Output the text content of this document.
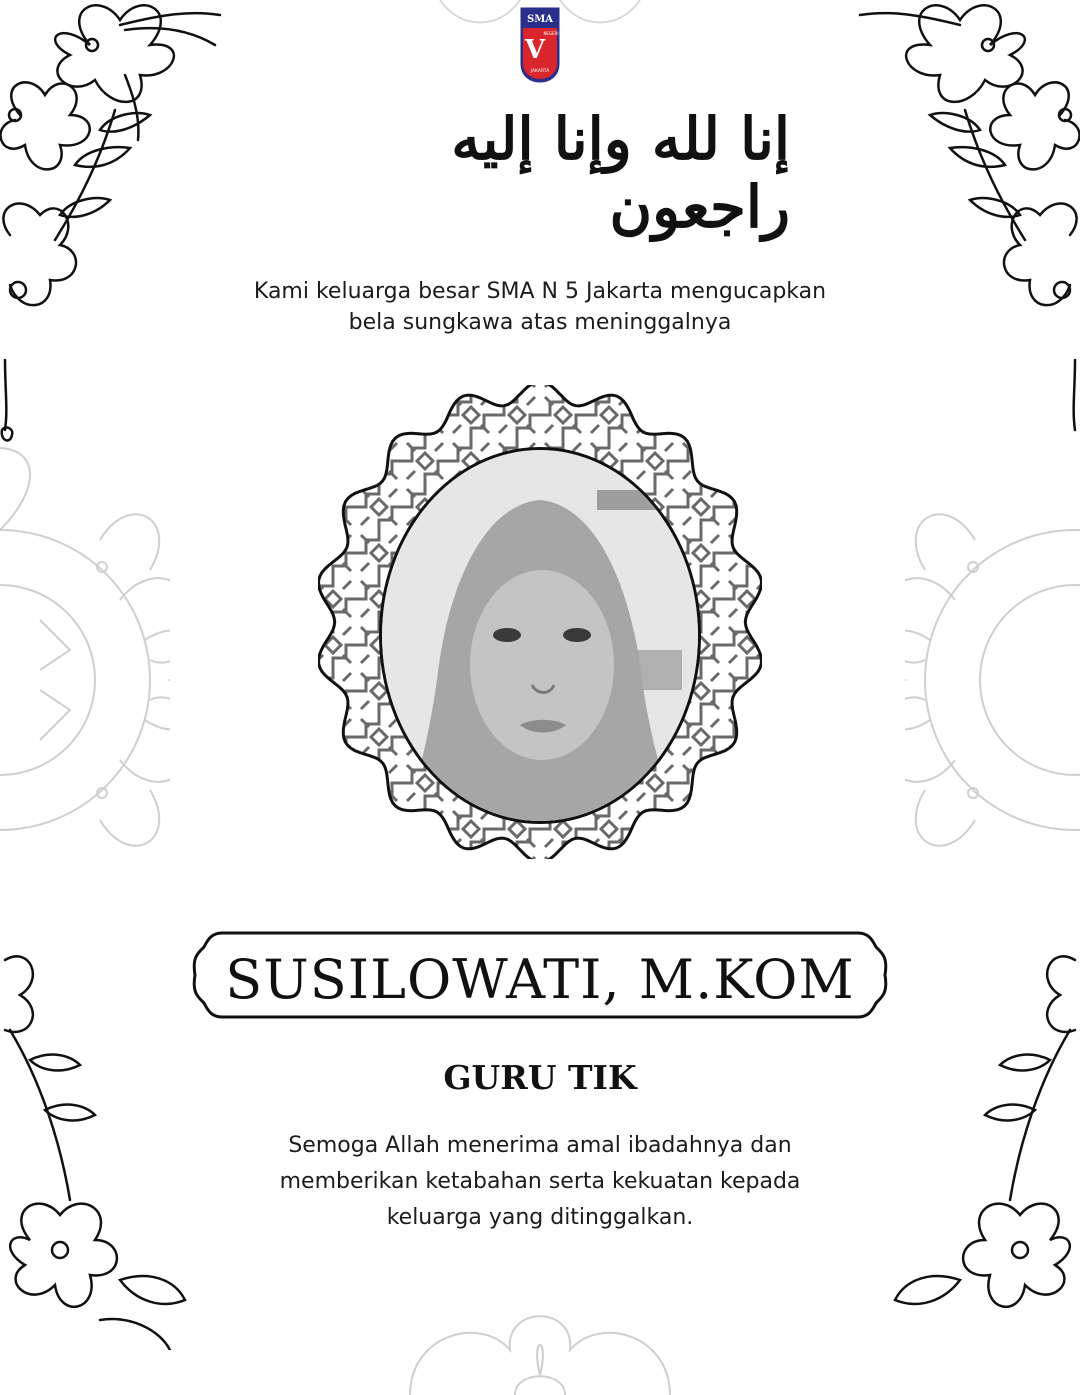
SMA
V
NEGERI
JAKARTA
إنا لله وإنا إليه راجعون
Kami keluarga besar SMA N 5 Jakarta mengucapkan
bela sungkawa atas meninggalnya
SUSILOWATI, M.KOM
GURU TIK
Semoga Allah menerima amal ibadahnya dan
memberikan ketabahan serta kekuatan kepada
keluarga yang ditinggalkan.
